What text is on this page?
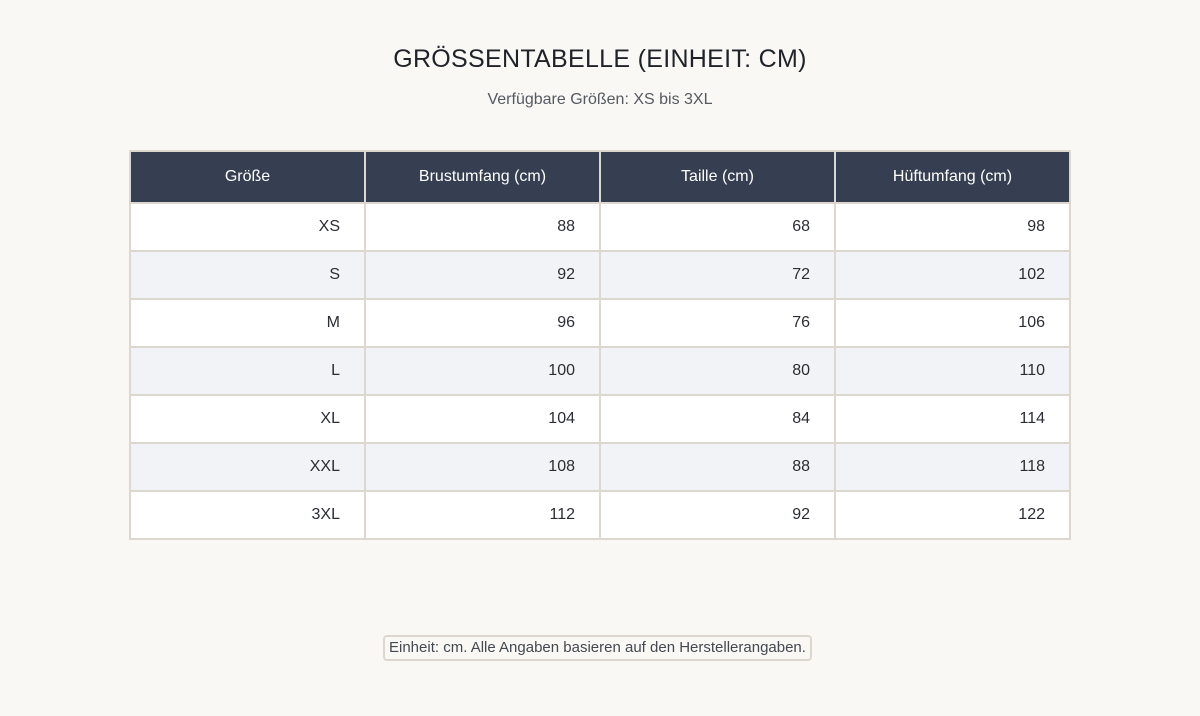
GRÖSSENTABELLE (EINHEIT: CM)
Verfügbare Größen: XS bis 3XL
Größe	Brustumfang (cm)	Taille (cm)	Hüftumfang (cm)
XS	88	68	98
S	92	72	102
M	96	76	106
L	100	80	110
XL	104	84	114
XXL	108	88	118
3XL	112	92	122
Einheit: cm. Alle Angaben basieren auf den Herstellerangaben.
